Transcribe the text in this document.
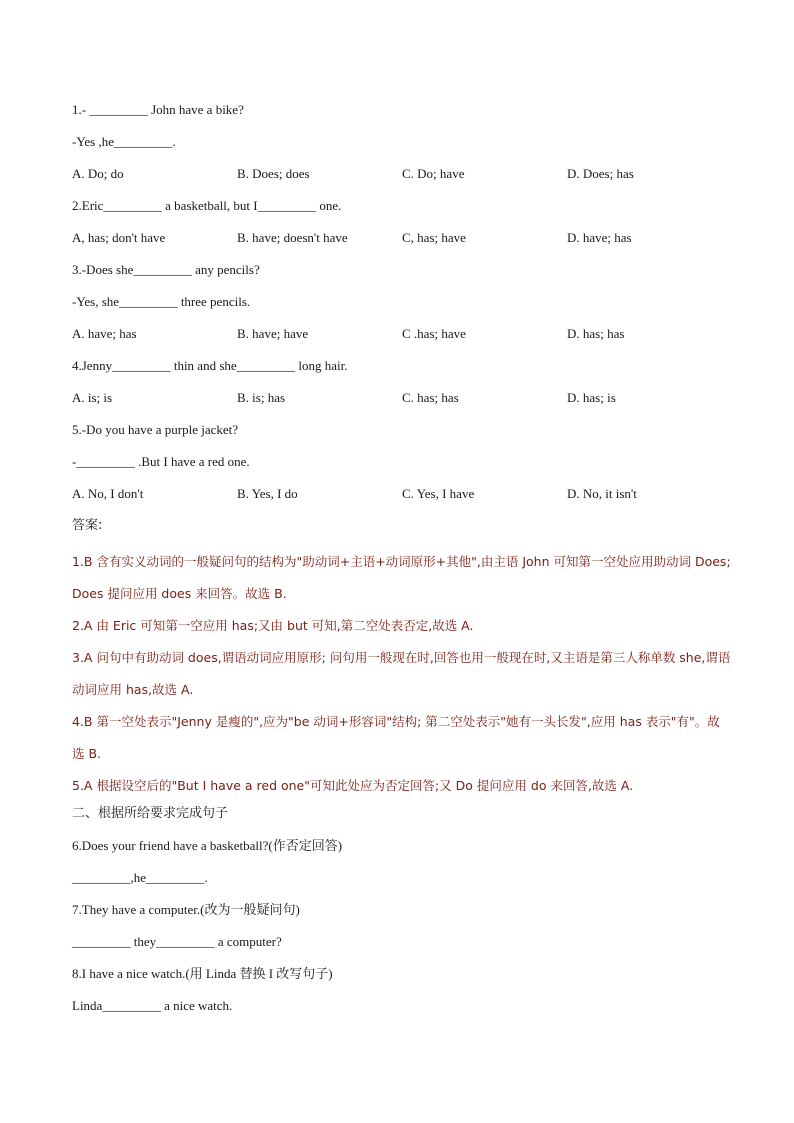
1.- _________ John have a bike?
-Yes ,he_________.
A. Do; do	B. Does; does	C. Do; have	D. Does; has
2.Eric_________ a basketball, but I_________ one.
A, has; don't have	B. have; doesn't have	C, has; have	D. have; has
3.-Does she_________ any pencils?
-Yes, she_________ three pencils.
A. have; has	B. have; have	C .has; have	D. has; has
4.Jenny_________ thin and she_________ long hair.
A. is; is	B. is; has	C. has; has	D. has; is
5.-Do you have a purple jacket?
-_________ .But I have a red one.
A. No, I don't	B. Yes, I do	C. Yes, I have	D. No, it isn't
答案:
1.B 含有实义动词的一般疑问句的结构为"助动词+主语+动词原形+其他",由主语 John 可知第一空处应用助动词 Does; Does 提问应用 does 来回答。故选 B.
2.A 由 Eric 可知第一空应用 has;又由 but 可知,第二空处表否定,故选 A.
3.A 问句中有助动词 does,谓语动词应用原形; 问句用一般现在时,回答也用一般现在时,又主语是第三人称单数 she,谓语动词应用 has,故选 A.
4.B 第一空处表示"Jenny 是瘦的",应为"be 动词+形容词"结构; 第二空处表示"她有一头长发",应用 has 表示"有"。故选 B.
5.A 根据设空后的"But I have a red one"可知此处应为否定回答;又 Do 提问应用 do 来回答,故选 A.
二、根据所给要求完成句子
6.Does your friend have a basketball?(作否定回答)
_________,he_________.
7.They have a computer.(改为一般疑问句)
_________ they_________ a computer?
8.I have a nice watch.(用 Linda 替换 I 改写句子)
Linda_________ a nice watch.
